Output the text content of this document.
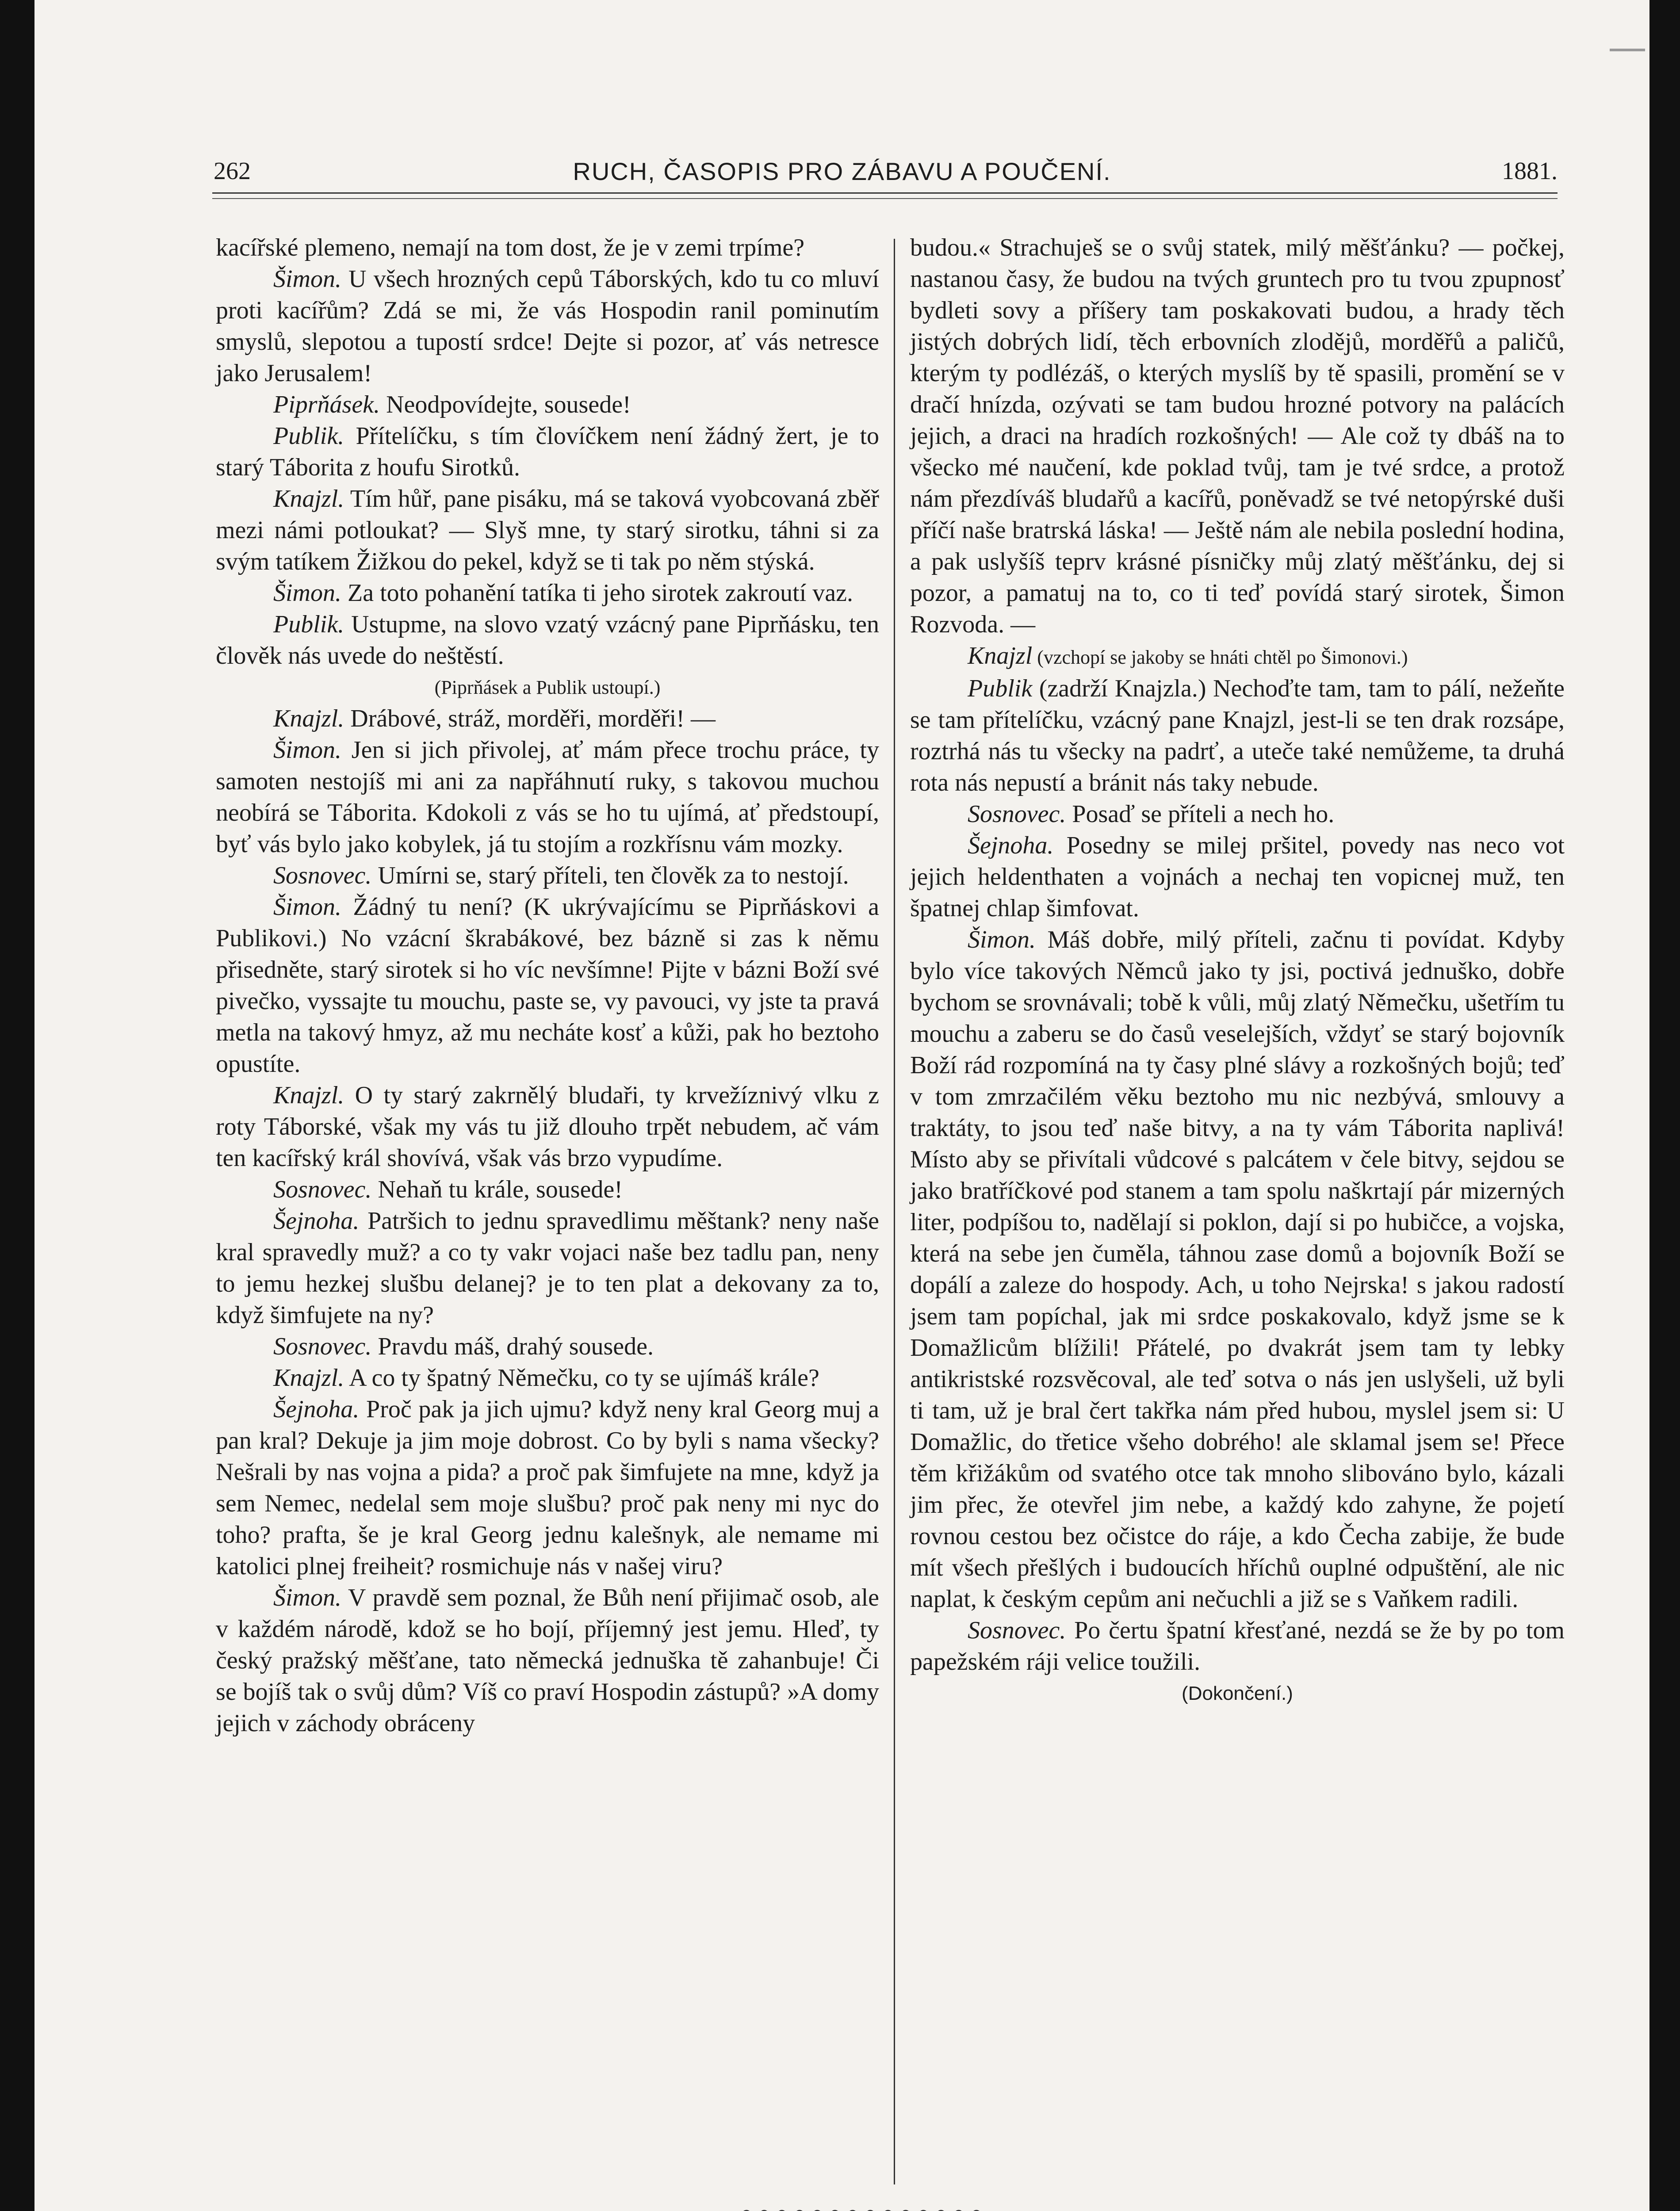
262	RUCH, ČASOPIS PRO ZÁBAVU A POUČENÍ.	1881.

kacířské plemeno, nemají na tom dost, že je v zemi trpíme?

Šimon. U všech hrozných cepů Táborských, kdo tu co mluví proti kacířům? Zdá se mi, že vás Hospodin ranil pominutím smyslů, slepotou a tupostí srdce! Dejte si pozor, ať vás netresce jako Jerusalem!

Piprňásek. Neodpovídejte, sousede!

Publik. Přítelíčku, s tím človíčkem není žádný žert, je to starý Táborita z houfu Sirotků.

Knajzl. Tím hůř, pane pisáku, má se taková vyobcovaná zběř mezi námi potloukat? — Slyš mne, ty starý sirotku, táhni si za svým tatíkem Žižkou do pekel, když se ti tak po něm stýská.

Šimon. Za toto pohanění tatíka ti jeho sirotek zakroutí vaz.

Publik. Ustupme, na slovo vzatý vzácný pane Piprňásku, ten člověk nás uvede do neštěstí.

(Piprňásek a Publik ustoupí.)

Knajzl. Drábové, stráž, morděři, morděři! —

Šimon. Jen si jich přivolej, ať mám přece trochu práce, ty samoten nestojíš mi ani za napřáhnutí ruky, s takovou muchou neobírá se Táborita. Kdokoli z vás se ho tu ujímá, ať předstoupí, byť vás bylo jako kobylek, já tu stojím a rozkřísnu vám mozky.

Sosnovec. Umírni se, starý příteli, ten člověk za to nestojí.

Šimon. Žádný tu není? (K ukrývajícímu se Piprňáskovi a Publikovi.) No vzácní škrabákové, bez bázně si zas k němu přisedněte, starý sirotek si ho víc nevšímne! Pijte v bázni Boží své pivečko, vyssajte tu mouchu, paste se, vy pavouci, vy jste ta pravá metla na takový hmyz, až mu necháte kosť a kůži, pak ho beztoho opustíte.

Knajzl. O ty starý zakrnělý bludaři, ty krvežíznivý vlku z roty Táborské, však my vás tu již dlouho trpět nebudem, ač vám ten kacířský král shovívá, však vás brzo vypudíme.

Sosnovec. Nehaň tu krále, sousede!

Šejnoha. Patršich to jednu spravedlimu měštank? neny naše kral spravedly muž? a co ty vakr vojaci naše bez tadlu pan, neny to jemu hezkej slušbu delanej? je to ten plat a dekovany za to, když šimfujete na ny?

Sosnovec. Pravdu máš, drahý sousede.

Knajzl. A co ty špatný Němečku, co ty se ujímáš krále?

Šejnoha. Proč pak ja jich ujmu? když neny kral Georg muj a pan kral? Dekuje ja jim moje dobrost. Co by byli s nama všecky? Nešrali by nas vojna a pida? a proč pak šimfujete na mne, když ja sem Nemec, nedelal sem moje slušbu? proč pak neny mi nyc do toho? prafta, še je kral Georg jednu kalešnyk, ale nemame mi katolici plnej freiheit? rosmichuje nás v našej viru?

Šimon. V pravdě sem poznal, že Bůh není přijimač osob, ale v každém národě, kdož se ho bojí, příjemný jest jemu. Hleď, ty český pražský měšťane, tato německá jednuška tě zahanbuje! Či se bojíš tak o svůj dům? Víš co praví Hospodin zástupů? »A domy jejich v záchody obráceny

budou.« Strachuješ se o svůj statek, milý měšťánku? — počkej, nastanou časy, že budou na tvých gruntech pro tu tvou zpupnosť bydleti sovy a příšery tam poskakovati budou, a hrady těch jistých dobrých lidí, těch erbovních zlodějů, morděřů a paličů, kterým ty podlézáš, o kterých myslíš by tě spasili, promění se v dračí hnízda, ozývati se tam budou hrozné potvory na palácích jejich, a draci na hradích rozkošných! — Ale což ty dbáš na to všecko mé naučení, kde poklad tvůj, tam je tvé srdce, a protož nám přezdíváš bludařů a kacířů, poněvadž se tvé netopýrské duši příčí naše bratrská láska! — Ještě nám ale nebila poslední hodina, a pak uslyšíš teprv krásné písničky můj zlatý měšťánku, dej si pozor, a pamatuj na to, co ti teď povídá starý sirotek, Šimon Rozvoda. —

Knajzl (vzchopí se jakoby se hnáti chtěl po Šimonovi.)

Publik (zadrží Knajzla.) Nechoďte tam, tam to pálí, nežeňte se tam přítelíčku, vzácný pane Knajzl, jest-li se ten drak rozsápe, roztrhá nás tu všecky na padrť, a uteče také nemůžeme, ta druhá rota nás nepustí a bránit nás taky nebude.

Sosnovec. Posaď se příteli a nech ho.

Šejnoha. Posedny se milej pršitel, povedy nas neco vot jejich heldenthaten a vojnách a nechaj ten vopicnej muž, ten špatnej chlap šimfovat.

Šimon. Máš dobře, milý příteli, začnu ti povídat. Kdyby bylo více takových Němců jako ty jsi, poctivá jednuško, dobře bychom se srovnávali; tobě k vůli, můj zlatý Němečku, ušetřím tu mouchu a zaberu se do časů veselejších, vždyť se starý bojovník Boží rád rozpomíná na ty časy plné slávy a rozkošných bojů; teď v tom zmrzačilém věku beztoho mu nic nezbývá, smlouvy a traktáty, to jsou teď naše bitvy, a na ty vám Táborita naplivá! Místo aby se přivítali vůdcové s palcátem v čele bitvy, sejdou se jako bratříčkové pod stanem a tam spolu naškrtají pár mizerných liter, podpíšou to, nadělají si poklon, dají si po hubičce, a vojska, která na sebe jen čuměla, táhnou zase domů a bojovník Boží se dopálí a zaleze do hospody. Ach, u toho Nejrska! s jakou radostí jsem tam popíchal, jak mi srdce poskakovalo, když jsme se k Domažlicům blížili! Přátelé, po dvakrát jsem tam ty lebky antikristské rozsvěcoval, ale teď sotva o nás jen uslyšeli, už byli ti tam, už je bral čert takřka nám před hubou, myslel jsem si: U Domažlic, do třetice všeho dobrého! ale sklamal jsem se! Přece těm křižákům od svatého otce tak mnoho slibováno bylo, kázali jim přec, že otevřel jim nebe, a každý kdo zahyne, že pojetí rovnou cestou bez očistce do ráje, a kdo Čecha zabije, že bude mít všech přešlých i budoucích hříchů ouplné odpuštění, ale nic naplat, k českým cepům ani nečuchli a již se s Vaňkem radili.

Sosnovec. Po čertu špatní křesťané, nezdá se že by po tom papežském ráji velice toužili.

(Dokončení.)
